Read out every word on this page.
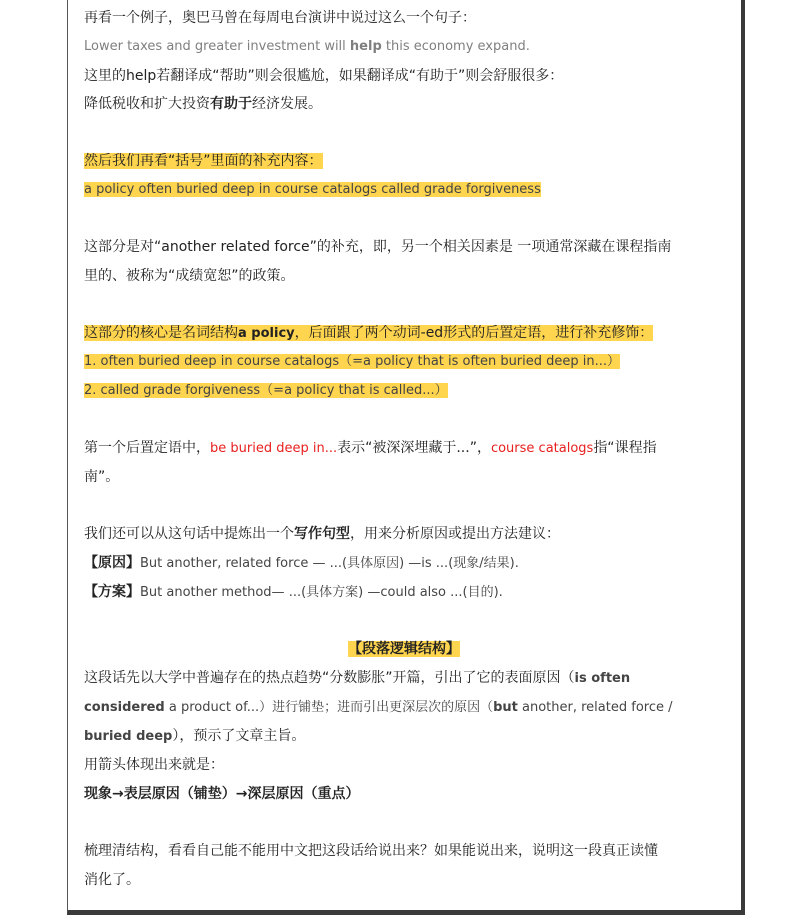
再看一个例子，奥巴马曾在每周电台演讲中说过这么一个句子：
Lower taxes and greater investment will help this economy expand.
这里的help若翻译成“帮助”则会很尴尬，如果翻译成“有助于”则会舒服很多：
降低税收和扩大投资有助于经济发展。
然后我们再看“括号”里面的补充内容：
a policy often buried deep in course catalogs called grade forgiveness
这部分是对“another related force”的补充，即，另一个相关因素是 一项通常深藏在课程指南
里的、被称为“成绩宽恕”的政策。
这部分的核心是名词结构a policy，后面跟了两个动词-ed形式的后置定语，进行补充修饰：
1. often buried deep in course catalogs（=a policy that is often buried deep in...）
2. called grade forgiveness（=a policy that is called...）
第一个后置定语中，be buried deep in...表示“被深深埋藏于...”，course catalogs指“课程指
南”。
我们还可以从这句话中提炼出一个写作句型，用来分析原因或提出方法建议：
【原因】But another, related force — ...(具体原因) —is ...(现象/结果).
【方案】But another method— ...(具体方案) —could also ...(目的).
【段落逻辑结构】
这段话先以大学中普遍存在的热点趋势“分数膨胀”开篇，引出了它的表面原因（is often
considered a product of...）进行铺垫；进而引出更深层次的原因（but another, related force /
buried deep），预示了文章主旨。
用箭头体现出来就是：
现象→表层原因（铺垫）→深层原因（重点）
梳理清结构，看看自己能不能用中文把这段话给说出来？如果能说出来，说明这一段真正读懂
消化了。
